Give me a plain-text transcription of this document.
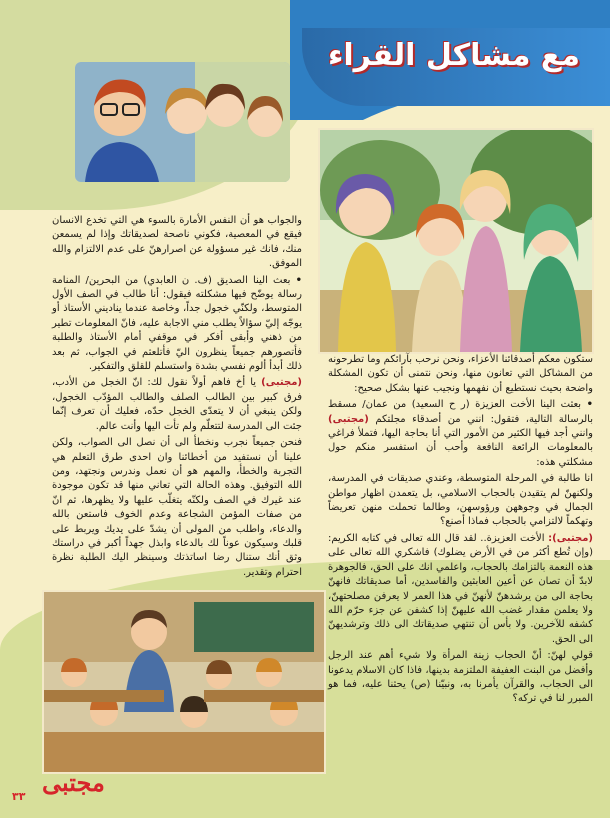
مع مشاكل القراء

والجواب هو أن النفس الأمارة بالسوء هي التي تخدع الانسان فيقع في المعصية، فكوني ناصحة لصديقاتك وإذا لم يسمعن منك، فانك غير مسؤولة عن اصرارهنّ على عدم الالتزام والله الموفق.

• بعث الينا الصديق (ف. ن العابدي) من البحرين/ المنامة رسالة يوضّح فيها مشكلته فيقول: أنا طالب في الصف الأول المتوسط، ولكنّي خجول جداً، وخاصة عندما يناديني الأستاذ أو يوجّه إليّ سؤالاً يطلب مني الاجابة عليه، فانّ المعلومات تطير من ذهني وأبقى أفكر في موقفي أمام الأستاذ والطلبة فأتصورهم جميعاً ينظرون اليّ فأتلعثم في الجواب، ثم بعد ذلك أبدأ ألوم نفسي بشدة واستسلم للقلق والتفكير.

(مجتبى) يا أخ فاهم أولاً نقول لك: انّ الخجل من الأدب، فرق كبير بين الطالب الصلف والطالب المؤدّب الخجول، ولكن ينبغي أن لا يتعدّى الخجل حدّه، فعليك أن تعرف إنّما جئت الى المدرسة لتتعلّم ولم تأت اليها وأنت عالم.

فنحن جميعاً نجرب ونخطأ الى أن نصل الى الصواب، ولكن علينا أن نستفيد من أخطائنا وان احدى طرق التعلم هي التجربة والخطأ، والمهم هو أن نعمل وندرس ونجتهد، ومن الله التوفيق. وهذه الحالة التي تعاني منها قد تكون موجودة عند غيرك في الصف ولكنّه يتغلّب عليها ولا يظهرها، ثم انّ من صفات المؤمن الشجاعة وعدم الخوف فاستعن بالله والدعاء، واطلب من المولى أن يشدّ على يديك ويربط على قلبك وسيكون عوناً لك بالدعاء وابذل جهداً أكبر في دراستك وثق أنك ستنال رضا اساتذتك وسينظر اليك الطلبة نظرة احترام وتقدير.

ستكون معكم أصدقائنا الأعزاء، ونحن نرحب بآرائكم وما تطرحونه من المشاكل التي تعانون منها، ونحن نتمنى أن تكون المشكلة واضحة بحيث نستطيع أن نفهمها ونجيب عنها بشكل صحيح:

• بعثت الينا الأخت العزيزة (ر ح السعيد) من عمان/ مسقط بالرسالة التالية، فتقول: انني من أصدقاء مجلتكم (مجتبى) وانني أجد فيها الكثير من الأمور التي أنا بحاجة اليها، فتملأ فراغي بالمعلومات الرائعة النافعة وأحب أن استفسر منكم حول مشكلتي هذه:

انا طالبة في المرحلة المتوسطة، وعندي صديقات في المدرسة، ولكنهنّ لم يتقيدن بالحجاب الاسلامي، بل يتعمدن اظهار مواطن الجمال في وجوههن ورؤوسهن، وطالما تحملت منهن تعريضاً وتهكماً لالتزامي بالحجاب فماذا أصنع؟

(مجتبى): الأخت العزيزة.. لقد قال الله تعالى في كتابه الكريم: (وإن تُطع أكثر من في الأرض يضلوك) فاشكري الله تعالى على هذه النعمة بالتزامك بالحجاب، واعلمي انك على الحق، فالجوهرة لابدّ أن تصان عن أعين العابثين والفاسدين، أما صديقاتك فانهنّ بحاجة الى من يرشدهنّ لأنهنّ في هذا العمر لا يعرفن مصلحتهنّ، ولا يعلمن مقدار غضب الله عليهنّ إذا كشفن عن جزء حرّم الله كشفه للآخرين. ولا بأس أن تنتهي صديقاتك الى ذلك وترشديهنّ الى الحق.

قولي لهنّ: أنّ الحجاب زينة المرأة ولا شيء أهم عند الرجل وأفضل من البنت العفيفة الملتزمة بدينها، فاذا كان الاسلام يدعونا الى الحجاب، والقرآن يأمرنا به، ونبيّنا (ص) يحثنا عليه، فما هو المبرر لنا في تركه؟

مجتبى
٣٣
